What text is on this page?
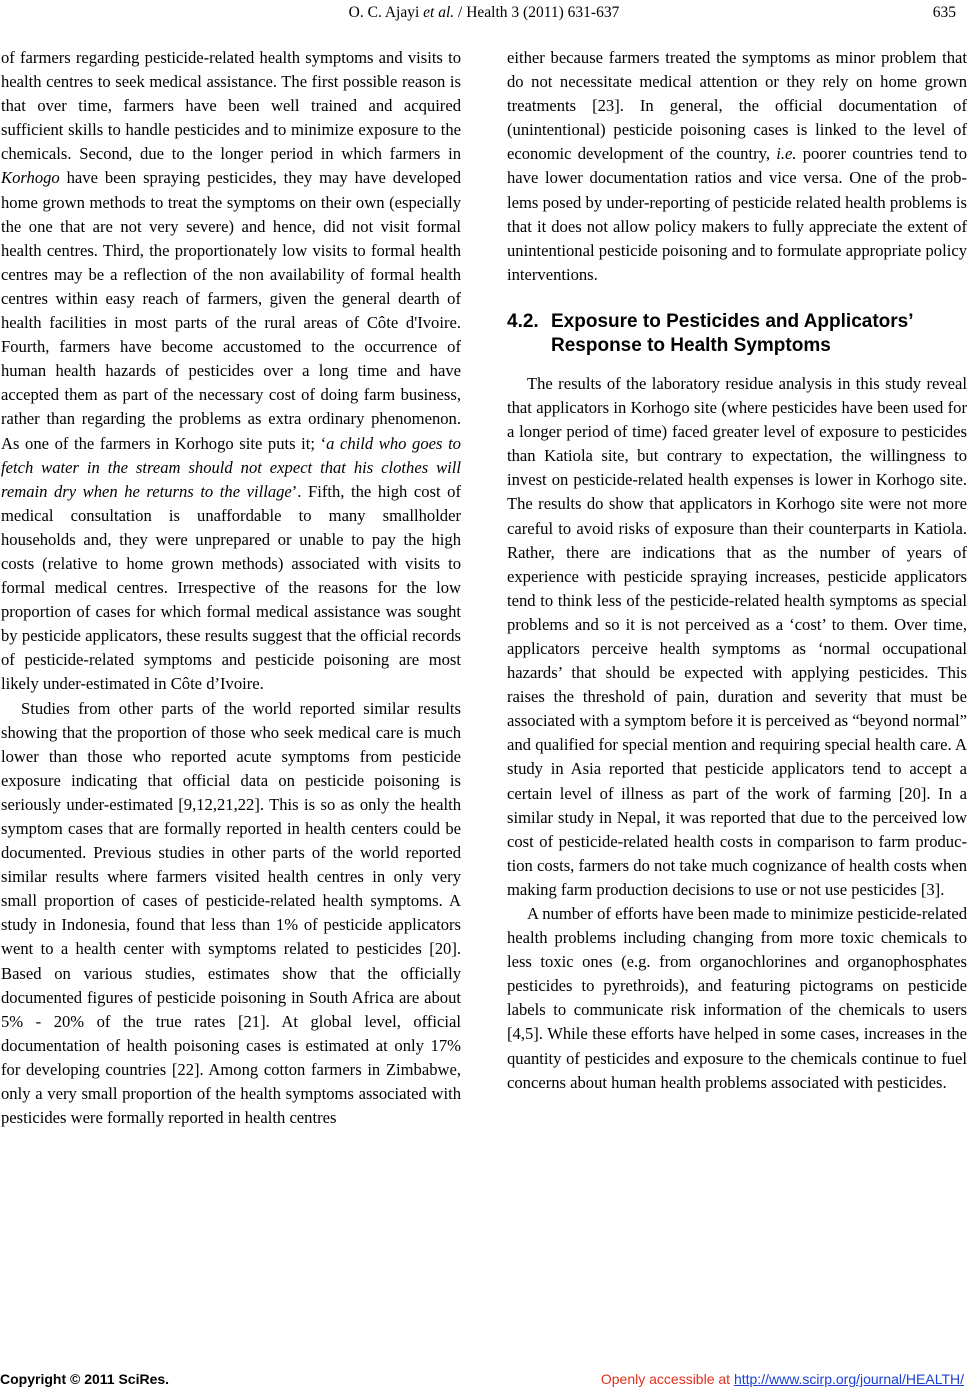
O. C. Ajayi et al. / Health 3 (2011) 631-637	635

of farmers regarding pesticide-related health symptoms and visits to health centres to seek medical assistance. The first possible reason is that over time, farmers have been well trained and acquired sufficient skills to handle pesticides and to minimize exposure to the chemicals. Second, due to the longer period in which farmers in Korhogo have been spraying pesticides, they may have developed home grown methods to treat the symptoms on their own (especially the one that are not very severe) and hence, did not visit formal health centres. Third, the proportionately low visits to formal health centres may be a reflection of the non availability of formal health centres within easy reach of farmers, given the general dearth of health facilities in most parts of the rural areas of Côte d'Ivoire. Fourth, farmers have become accustomed to the occurrence of human health hazards of pesticides over a long time and have accepted them as part of the necessary cost of doing farm business, rather than regarding the problems as extra ordinary phenomenon. As one of the farmers in Korhogo site puts it; ‘a child who goes to fetch water in the stream should not expect that his clothes will remain dry when he returns to the village’. Fifth, the high cost of medical consultation is unaffordable to many smallholder households and, they were unprepared or unable to pay the high costs (relative to home grown methods) associated with visits to formal medical centres. Irrespective of the reasons for the low proportion of cases for which formal medical assistance was sought by pesticide applicators, these results suggest that the official records of pesticide-related symptoms and pesticide poisoning are most likely under-estimated in Côte d’Ivoire.

Studies from other parts of the world reported similar results showing that the proportion of those who seek medical care is much lower than those who reported acute symptoms from pesticide exposure indicating that official data on pesticide poisoning is seriously under-estimated [9,12,21,22]. This is so as only the health symptom cases that are formally reported in health centers could be documented. Previous studies in other parts of the world reported similar results where farmers visited health centres in only very small proportion of cases of pesticide-related health symptoms. A study in Indonesia, found that less than 1% of pesticide applicators went to a health center with symptoms related to pesticides [20]. Based on various studies, estimates show that the officially documented figures of pesticide poisoning in South Africa are about 5% - 20% of the true rates [21]. At global level, official documentation of health poisoning cases is estimated at only 17% for developing countries [22]. Among cotton farmers in Zimbabwe, only a very small proportion of the health symptoms associated with pesticides were formally reported in health centres

either because farmers treated the symptoms as minor problem that do not necessitate medical attention or they rely on home grown treatments [23]. In general, the official documentation of (unintentional) pesticide poisoning cases is linked to the level of economic development of the country, i.e. poorer countries tend to have lower documentation ratios and vice versa. One of the problems posed by under-reporting of pesticide related health problems is that it does not allow policy makers to fully appreciate the extent of unintentional pesticide poisoning and to formulate appropriate policy interventions.

4.2. Exposure to Pesticides and Applicators’ Response to Health Symptoms

The results of the laboratory residue analysis in this study reveal that applicators in Korhogo site (where pesticides have been used for a longer period of time) faced greater level of exposure to pesticides than Katiola site, but contrary to expectation, the willingness to invest on pesticide-related health expenses is lower in Korhogo site. The results do show that applicators in Korhogo site were not more careful to avoid risks of exposure than their counterparts in Katiola. Rather, there are indications that as the number of years of experience with pesticide spraying increases, pesticide applicators tend to think less of the pesticide-related health symptoms as special problems and so it is not perceived as a ‘cost’ to them. Over time, applicators perceive health symptoms as ‘normal occupational hazards’ that should be expected with applying pesticides. This raises the threshold of pain, duration and severity that must be associated with a symptom before it is perceived as “beyond normal” and qualified for special mention and requiring special health care. A study in Asia reported that pesticide applicators tend to accept a certain level of illness as part of the work of farming [20]. In a similar study in Nepal, it was reported that due to the perceived low cost of pesticide-related health costs in comparison to farm production costs, farmers do not take much cognizance of health costs when making farm production decisions to use or not use pesticides [3].

A number of efforts have been made to minimize pesticide-related health problems including changing from more toxic chemicals to less toxic ones (e.g. from organochlorines and organophosphates pesticides to pyrethroids), and featuring pictograms on pesticide labels to communicate risk information of the chemicals to users [4,5]. While these efforts have helped in some cases, increases in the quantity of pesticides and exposure to the chemicals continue to fuel concerns about human health problems associated with pesticides.

Copyright © 2011 SciRes.	Openly accessible at http://www.scirp.org/journal/HEALTH/
